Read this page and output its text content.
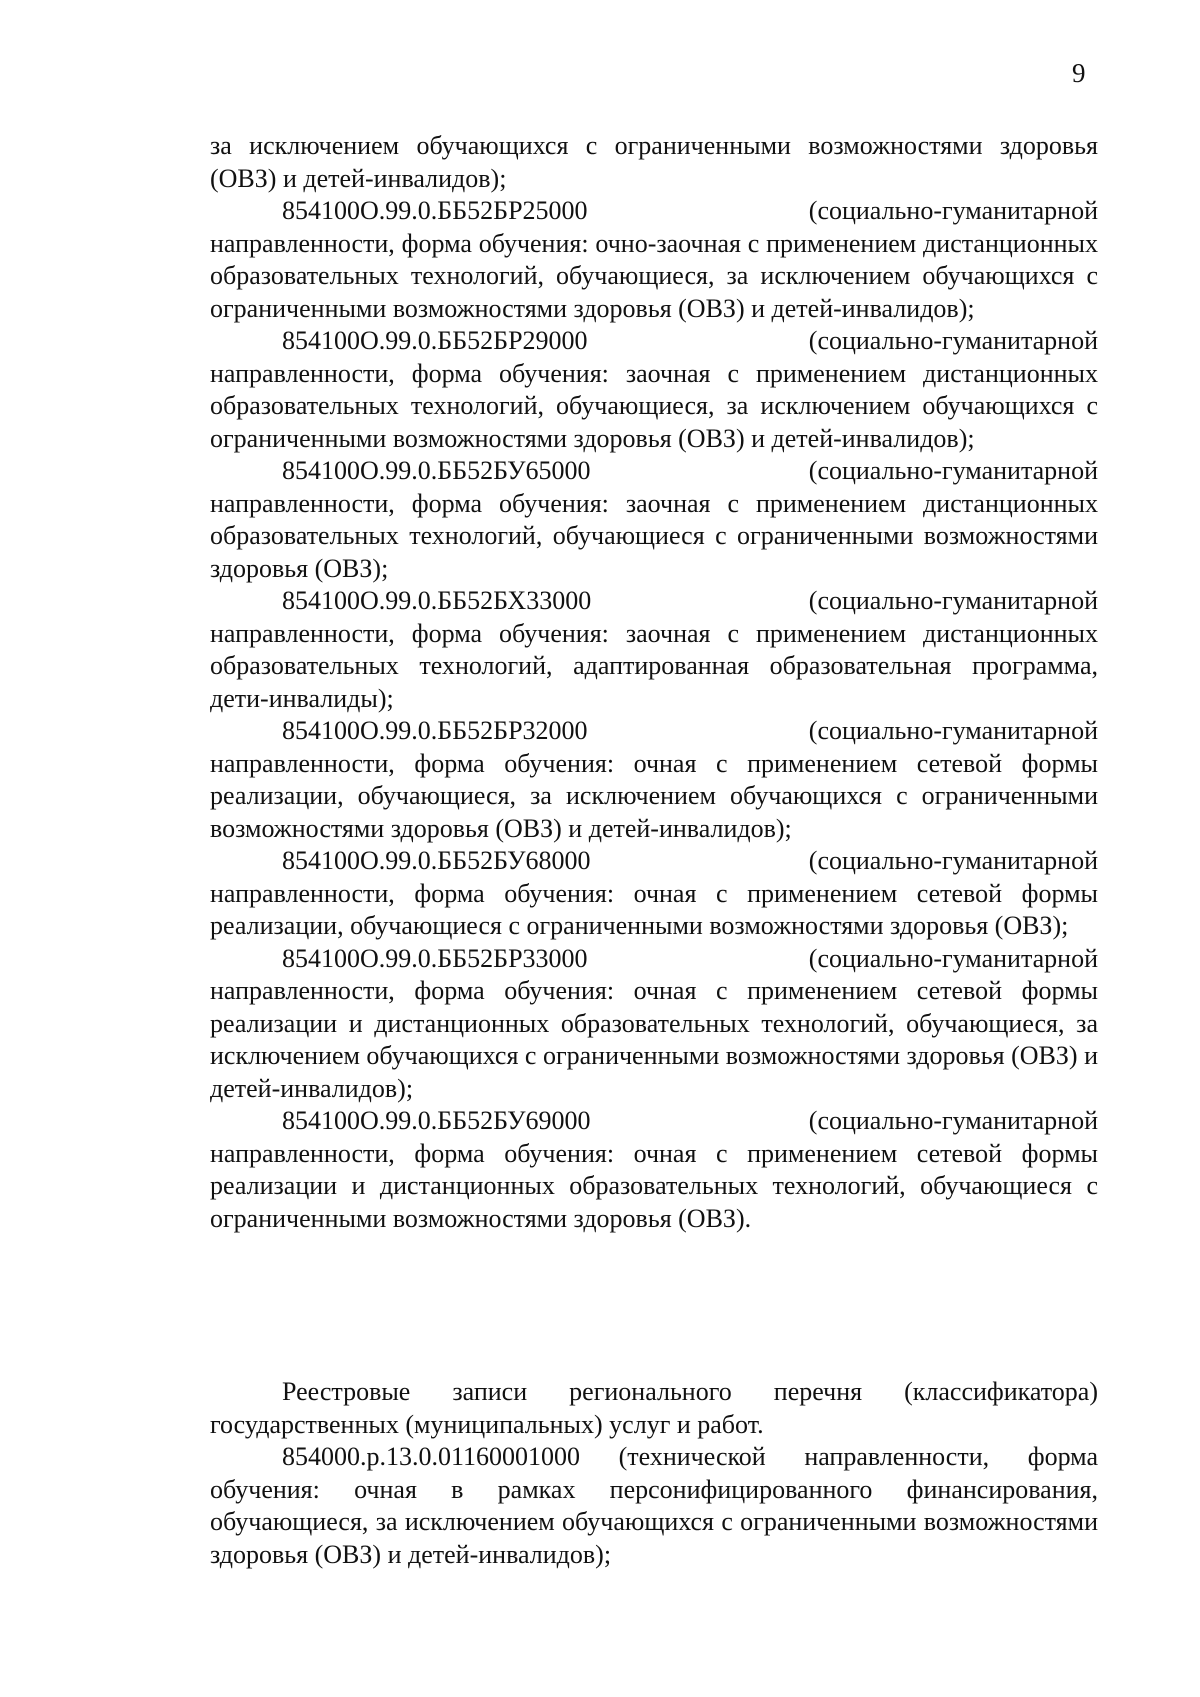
9

за исключением обучающихся с ограниченными возможностями здоровья (ОВЗ) и детей-инвалидов);

854100О.99.0.ББ52БР25000	(социально-гуманитарной

направленности, форма обучения: очно-заочная с применением дистанционных образовательных технологий, обучающиеся, за исключением обучающихся с ограниченными возможностями здоровья (ОВЗ) и детей-инвалидов);

854100О.99.0.ББ52БР29000	(социально-гуманитарной

направленности, форма обучения: заочная с применением дистанционных образовательных технологий, обучающиеся, за исключением обучающихся с ограниченными возможностями здоровья (ОВЗ) и детей-инвалидов);

854100О.99.0.ББ52БУ65000	(социально-гуманитарной

направленности, форма обучения: заочная с применением дистанционных образовательных технологий, обучающиеся с ограниченными возможностями здоровья (ОВЗ);

854100О.99.0.ББ52БХ33000	(социально-гуманитарной

направленности, форма обучения: заочная с применением дистанционных образовательных технологий, адаптированная образовательная программа, дети-инвалиды);

854100О.99.0.ББ52БР32000	(социально-гуманитарной

направленности, форма обучения: очная с применением сетевой формы реализации, обучающиеся, за исключением обучающихся с ограниченными возможностями здоровья (ОВЗ) и детей-инвалидов);

854100О.99.0.ББ52БУ68000	(социально-гуманитарной

направленности, форма обучения: очная с применением сетевой формы реализации, обучающиеся с ограниченными возможностями здоровья (ОВЗ);

854100О.99.0.ББ52БР33000	(социально-гуманитарной

направленности, форма обучения: очная с применением сетевой формы реализации и дистанционных образовательных технологий, обучающиеся, за исключением обучающихся с ограниченными возможностями здоровья (ОВЗ) и детей-инвалидов);

854100О.99.0.ББ52БУ69000	(социально-гуманитарной

направленности, форма обучения: очная с применением сетевой формы реализации и дистанционных образовательных технологий, обучающиеся с ограниченными возможностями здоровья (ОВЗ).

Реестровые записи регионального перечня (классификатора) государственных (муниципальных) услуг и работ.

854000.р.13.0.01160001000 (технической направленности, форма обучения: очная в рамках персонифицированного финансирования, обучающиеся, за исключением обучающихся с ограниченными возможностями здоровья (ОВЗ) и детей-инвалидов);
